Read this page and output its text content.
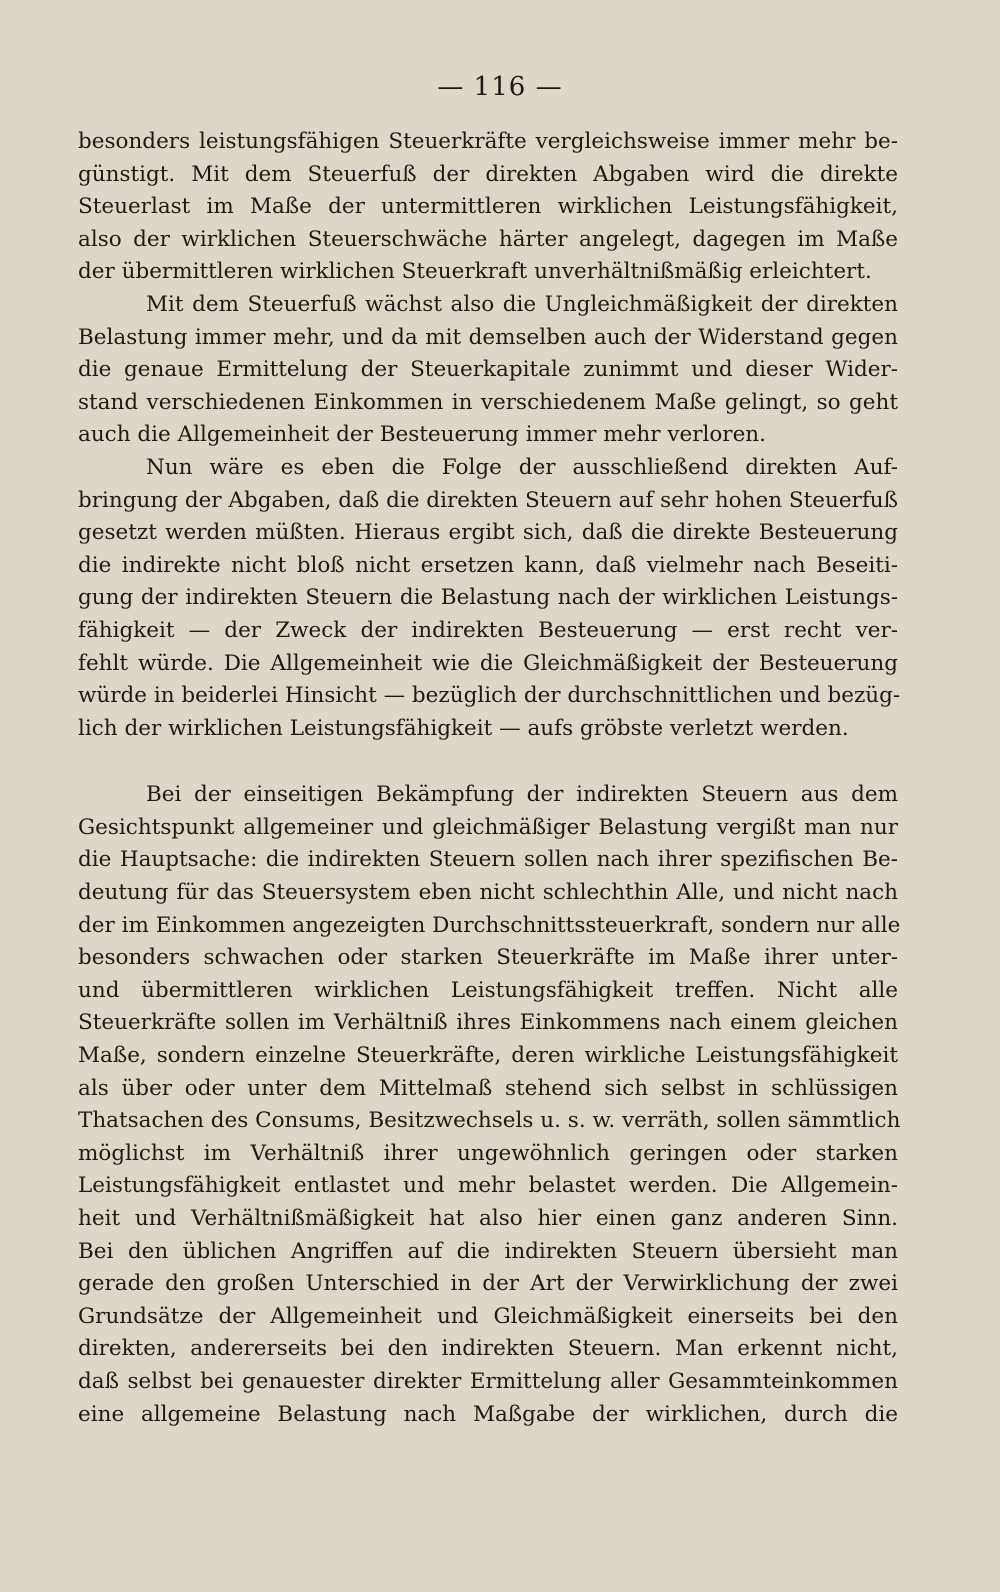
— 116 —
besonders leistungsfähigen Steuerkräfte vergleichsweise immer mehr be-
günstigt. Mit dem Steuerfuß der direkten Abgaben wird die direkte
Steuerlast im Maße der untermittleren wirklichen Leistungsfähigkeit,
also der wirklichen Steuerschwäche härter angelegt, dagegen im Maße
der übermittleren wirklichen Steuerkraft unverhältnißmäßig erleichtert.
Mit dem Steuerfuß wächst also die Ungleichmäßigkeit der direkten
Belastung immer mehr, und da mit demselben auch der Widerstand gegen
die genaue Ermittelung der Steuerkapitale zunimmt und dieser Wider-
stand verschiedenen Einkommen in verschiedenem Maße gelingt, so geht
auch die Allgemeinheit der Besteuerung immer mehr verloren.
Nun wäre es eben die Folge der ausschließend direkten Auf-
bringung der Abgaben, daß die direkten Steuern auf sehr hohen Steuerfuß
gesetzt werden müßten. Hieraus ergibt sich, daß die direkte Besteuerung
die indirekte nicht bloß nicht ersetzen kann, daß vielmehr nach Beseiti-
gung der indirekten Steuern die Belastung nach der wirklichen Leistungs-
fähigkeit — der Zweck der indirekten Besteuerung — erst recht ver-
fehlt würde. Die Allgemeinheit wie die Gleichmäßigkeit der Besteuerung
würde in beiderlei Hinsicht — bezüglich der durchschnittlichen und bezüg-
lich der wirklichen Leistungsfähigkeit — aufs gröbste verletzt werden.
Bei der einseitigen Bekämpfung der indirekten Steuern aus dem
Gesichtspunkt allgemeiner und gleichmäßiger Belastung vergißt man nur
die Hauptsache: die indirekten Steuern sollen nach ihrer spezifischen Be-
deutung für das Steuersystem eben nicht schlechthin Alle, und nicht nach
der im Einkommen angezeigten Durchschnittssteuerkraft, sondern nur alle
besonders schwachen oder starken Steuerkräfte im Maße ihrer unter-
und übermittleren wirklichen Leistungsfähigkeit treffen. Nicht alle
Steuerkräfte sollen im Verhältniß ihres Einkommens nach einem gleichen
Maße, sondern einzelne Steuerkräfte, deren wirkliche Leistungsfähigkeit
als über oder unter dem Mittelmaß stehend sich selbst in schlüssigen
Thatsachen des Consums, Besitzwechsels u. s. w. verräth, sollen sämmtlich
möglichst im Verhältniß ihrer ungewöhnlich geringen oder starken
Leistungsfähigkeit entlastet und mehr belastet werden. Die Allgemein-
heit und Verhältnißmäßigkeit hat also hier einen ganz anderen Sinn.
Bei den üblichen Angriffen auf die indirekten Steuern übersieht man
gerade den großen Unterschied in der Art der Verwirklichung der zwei
Grundsätze der Allgemeinheit und Gleichmäßigkeit einerseits bei den
direkten, andererseits bei den indirekten Steuern. Man erkennt nicht,
daß selbst bei genauester direkter Ermittelung aller Gesammteinkommen
eine allgemeine Belastung nach Maßgabe der wirklichen, durch die
